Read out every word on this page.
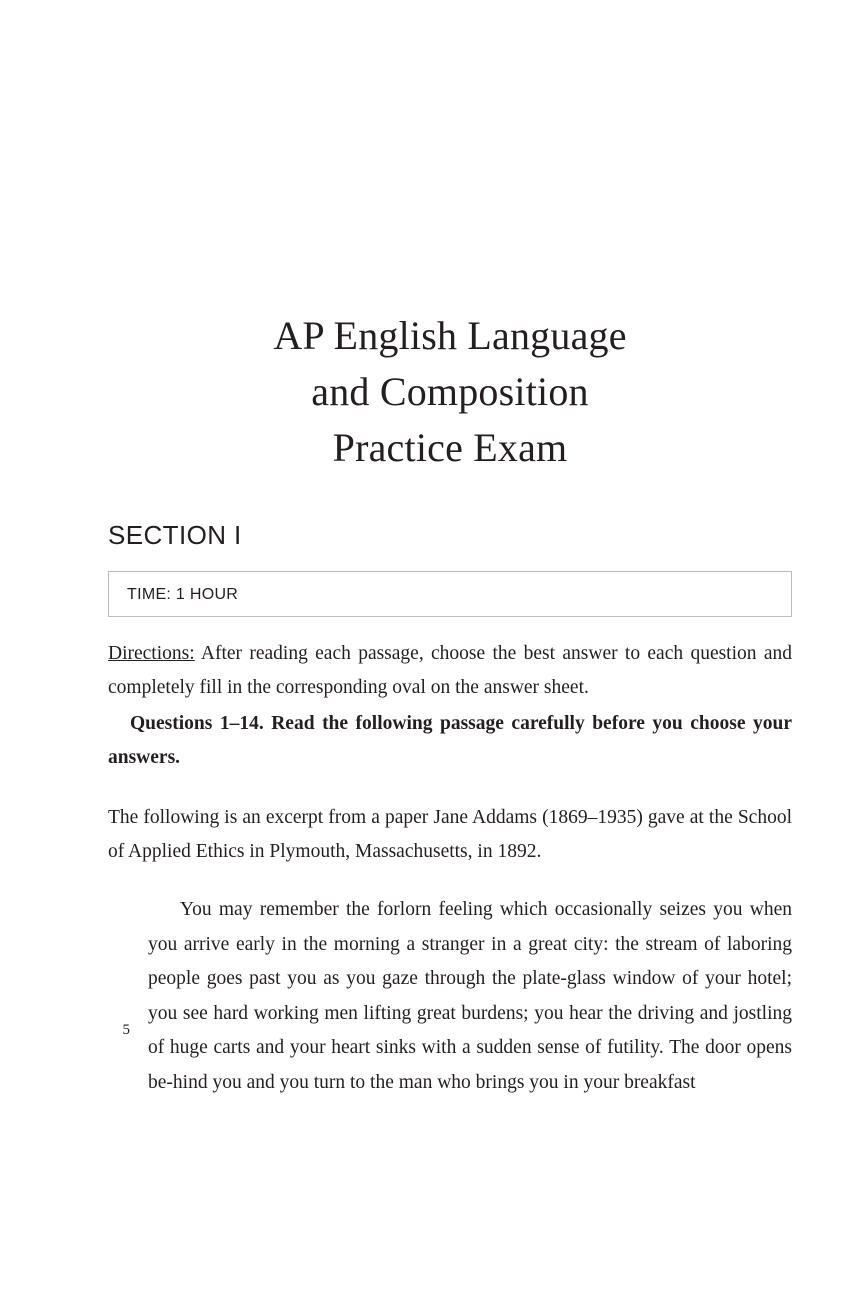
AP English Language
and Composition
Practice Exam
SECTION I
TIME: 1 HOUR

Directions: After reading each passage, choose the best answer to each question and completely fill in the corresponding oval on the answer sheet.

Questions 1–14. Read the following passage carefully before you choose your answers.

The following is an excerpt from a paper Jane Addams (1869–1935) gave at the School of Applied Ethics in Plymouth, Massachusetts, in 1892.

5

You may remember the forlorn feeling which occasionally seizes you when you arrive early in the morning a stranger in a great city: the stream of laboring people goes past you as you gaze through the plate-glass window of your hotel; you see hard working men lifting great burdens; you hear the driving and jostling of huge carts and your heart sinks with a sudden sense of futility. The door opens be-hind you and you turn to the man who brings you in your breakfast
